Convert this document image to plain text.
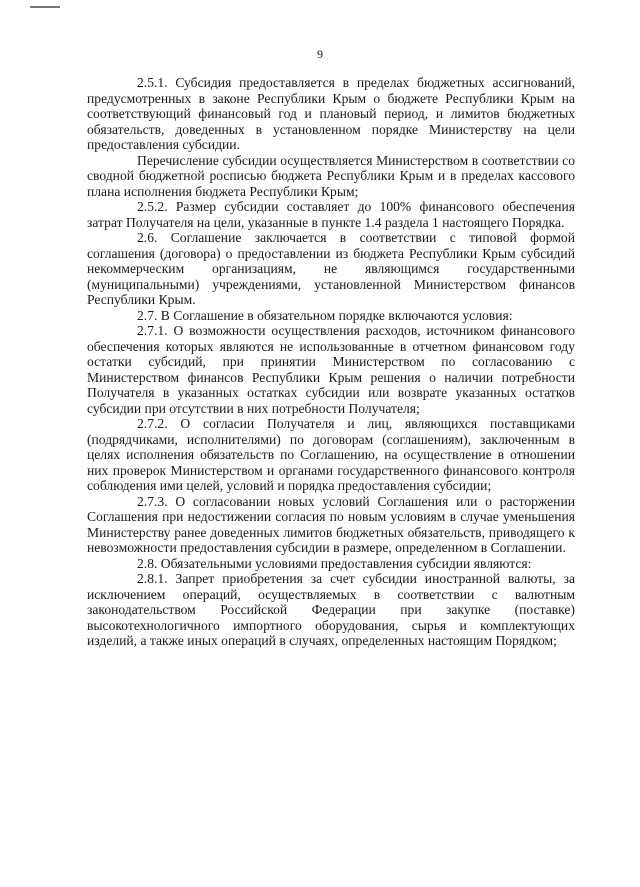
9

2.5.1. Субсидия предоставляется в пределах бюджетных ассигнований, предусмотренных в законе Республики Крым о бюджете Республики Крым на соответствующий финансовый год и плановый период, и лимитов бюджетных обязательств, доведенных в установленном порядке Министерству на цели предоставления субсидии.

Перечисление субсидии осуществляется Министерством в соответствии со сводной бюджетной росписью бюджета Республики Крым и в пределах кассового плана исполнения бюджета Республики Крым;

2.5.2. Размер субсидии составляет до 100% финансового обеспечения затрат Получателя на цели, указанные в пункте 1.4 раздела 1 настоящего Порядка.

2.6. Соглашение заключается в соответствии с типовой формой соглашения (договора) о предоставлении из бюджета Республики Крым субсидий некоммерческим организациям, не являющимся государственными (муниципальными) учреждениями, установленной Министерством финансов Республики Крым.

2.7. В Соглашение в обязательном порядке включаются условия:

2.7.1. О возможности осуществления расходов, источником финансового обеспечения которых являются не использованные в отчетном финансовом году остатки субсидий, при принятии Министерством по согласованию с Министерством финансов Республики Крым решения о наличии потребности Получателя в указанных остатках субсидии или возврате указанных остатков субсидии при отсутствии в них потребности Получателя;

2.7.2. О согласии Получателя и лиц, являющихся поставщиками (подрядчиками, исполнителями) по договорам (соглашениям), заключенным в целях исполнения обязательств по Соглашению, на осуществление в отношении них проверок Министерством и органами государственного финансового контроля соблюдения ими целей, условий и порядка предоставления субсидии;

2.7.3. О согласовании новых условий Соглашения или о расторжении Соглашения при недостижении согласия по новым условиям в случае уменьшения Министерству ранее доведенных лимитов бюджетных обязательств, приводящего к невозможности предоставления субсидии в размере, определенном в Соглашении.

2.8. Обязательными условиями предоставления субсидии являются:

2.8.1. Запрет приобретения за счет субсидии иностранной валюты, за исключением операций, осуществляемых в соответствии с валютным законодательством Российской Федерации при закупке (поставке) высокотехнологичного импортного оборудования, сырья и комплектующих изделий, а также иных операций в случаях, определенных настоящим Порядком;
